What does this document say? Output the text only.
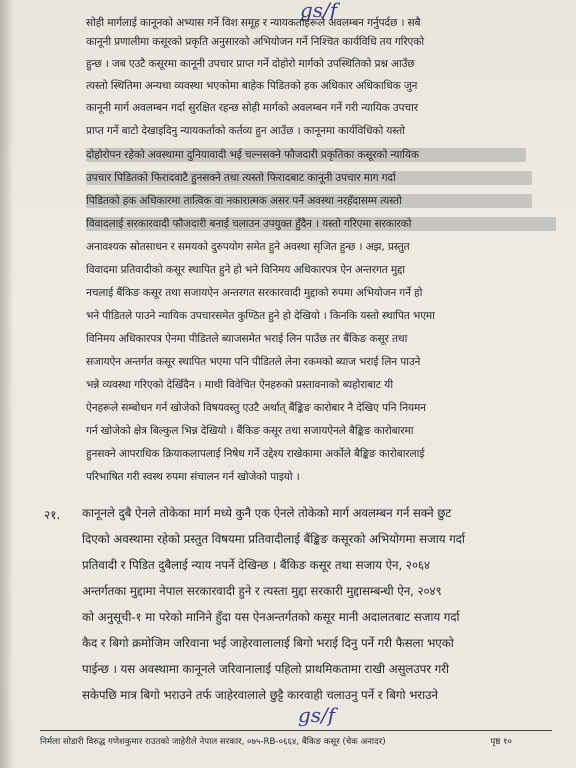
gs/f
सोही मार्गलाई कानूनको अभ्यास गर्ने विश समूह र न्यायकर्ताहरूले अवलम्बन गर्नुपर्दछ । सबै
कानूनी प्रणालीमा कसूरको प्रकृति अनुसारको अभियोजन गर्ने निश्चित कार्यविधि तय गरिएको
हुन्छ । जब एउटै कसूरमा कानूनी उपचार प्राप्त गर्ने दोहोरो मार्गको उपस्थितिको प्रश्न आउँछ
त्यस्तो स्थितिमा अन्यथा व्यवस्था भएकोमा बाहेक पिडितको हक अधिकार अधिकाधिक जुन
कानूनी मार्ग अवलम्बन गर्दा सुरक्षित रहन्छ सोही मार्गको अवलम्बन गर्ने गरी न्यायिक उपचार
प्राप्त गर्ने बाटो देखाइदिनु न्यायकर्ताको कर्तव्य हुन आउँछ । कानूनमा कार्यविधिको यस्तो
दोहोरोपन रहेको अवस्थामा दुनियावादी भई चल्नसक्ने फौजदारी प्रकृतिका कसूरको न्यायिक
उपचार पिडितको फिरादवाटै हुनसक्ने तथा त्यस्तो फिरादबाट कानूनी उपचार माग गर्दा
पिडितको हक अधिकारमा तात्विक वा नकारात्मक असर पर्ने अवस्था नरहँदासम्म त्यस्तो
विवादलाई सरकारवादी फौजदारी बनाई चलाउन उपयुक्त हुँदैन । यस्तो गरिएमा सरकारको
अनावश्यक स्रोतसाधन र समयको दुरुपयोग समेत हुने अवस्था सृजित हुन्छ । अझ, प्रस्तुत
विवादमा प्रतिवादीको कसूर स्थापित हुने हो भने विनिमय अधिकारपत्र ऐन अन्तरगत मुद्दा
नचलाई बैंकिङ कसूर तथा सजायऐन अन्तरगत सरकारवादी मुद्दाको रुपमा अभियोजन गर्ने हो
भने पीडितले पाउने न्यायिक उपचारसमेत कुण्ठित हुने हो देखियो । किनकि यस्तो स्थापित भएमा
विनिमय अधिकारपत्र ऐनमा पीडितले ब्याजसमेत भराई लिन पाउँछ तर बैंकिङ कसूर तथा
सजायऐन अन्तर्गत कसूर स्थापित भएमा पनि पीडितले लेना रकमको ब्याज भराई लिन पाउने
भन्ने व्यवस्था गरिएको देखिँदैन । माथी विवेचित ऐनहरुको प्रस्तावनाको ब्यहोराबाट यी
ऐनहरूले सम्बोधन गर्न खोजेको विषयवस्तु एउटै अर्थात् बैंङ्किङ कारोबार नै देखिए पनि नियमन
गर्न खोजेको क्षेत्र बिल्कुल भिन्न देखियो । बैंकिङ कसूर तथा सजायऐनले बैङ्किङ कारोबारमा
हुनसक्ने आपराधिक क्रियाकलापलाई निषेध गर्ने उद्देश्य राखेकामा अर्कोले बैङ्किङ कारोबारलाई
परिभाषित गरी स्वस्थ रुपमा संचालन गर्न खोजेको पाइयो ।
२१. कानूनले दुबै ऐनले तोकेका मार्ग मध्ये कुनै एक ऐनले तोकेको मार्ग अवलम्बन गर्न सक्ने छुट
दिएको अवस्थामा रहेको प्रस्तुत विषयमा प्रतिवादीलाई बैंङ्किङ कसूरको अभियोगमा सजाय गर्दा
प्रतिवादी र पिडित दुबैलाई न्याय नपर्ने देखिन्छ । बैंकिङ कसूर तथा सजाय ऐन, २०६४
अन्तर्गतका मुद्दामा नेपाल सरकारवादी हुने र त्यस्ता मुद्दा सरकारी मुद्दासम्बन्धी ऐन, २०४९
को अनुसूची-१ मा परेको मानिने हुँदा यस ऐनअन्तर्गतको कसूर मानी अदालतबाट सजाय गर्दा
कैद र बिगो क्रमोजिम जरिवाना भई जाहेरवालालाई बिगो भराई दिनु पर्ने गरी फैसला भएको
पाईन्छ । यस अवस्थामा कानूनले जरिवानालाई पहिलो प्राथमिकतामा राखी असुलउपर गरी
सकेपछि मात्र बिगो भराउने तर्फ जाहेरवालाले छुट्टै कारवाही चलाउनु पर्ने र बिगो भराउने
gs/f
निर्मला सोडारी विरुद्ध गणेशकुमार राउतको जाहेरीले नेपाल सरकार, ०७५-RB-०६६४, बैंकिङ कसूर (चेक अनादर)	पृष्ठ १०
